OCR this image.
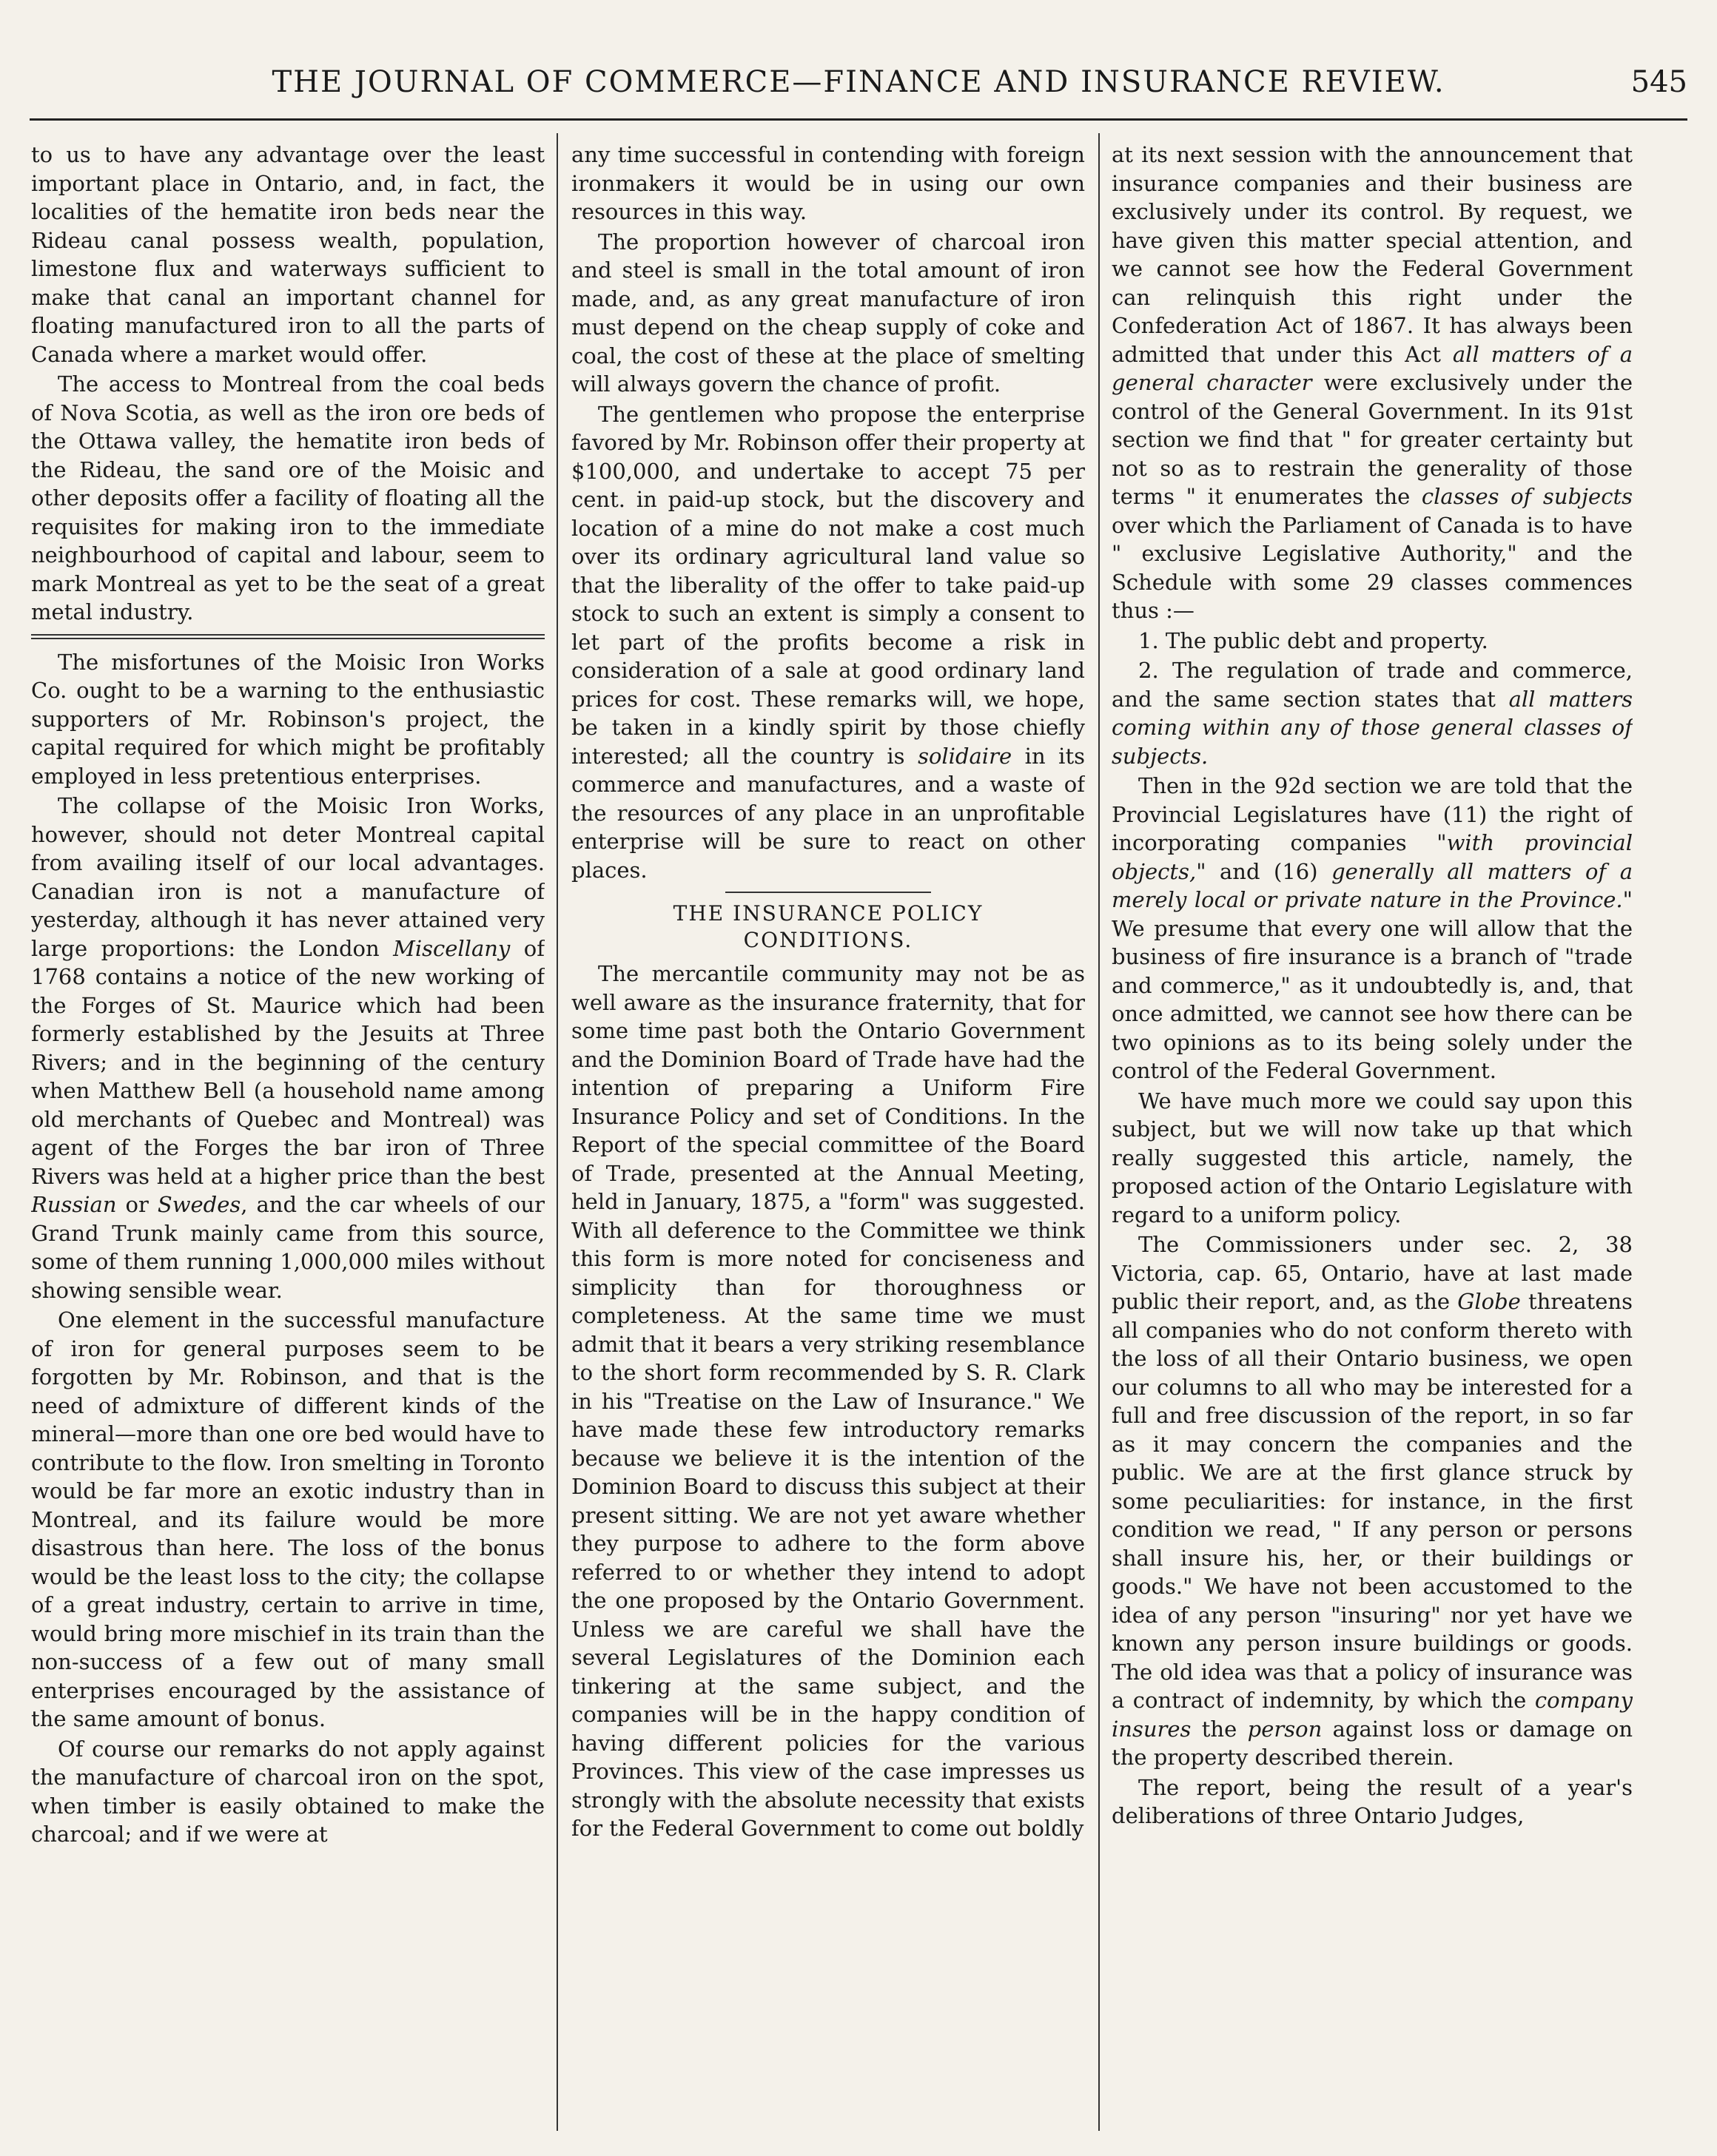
THE JOURNAL OF COMMERCE—FINANCE AND INSURANCE REVIEW.	545

to us to have any advantage over the least important place in Ontario, and, in fact, the localities of the hematite iron beds near the Rideau canal possess wealth, population, limestone flux and waterways sufficient to make that canal an important channel for floating manufactured iron to all the parts of Canada where a market would offer.

The access to Montreal from the coal beds of Nova Scotia, as well as the iron ore beds of the Ottawa valley, the hematite iron beds of the Rideau, the sand ore of the Moisic and other deposits offer a facility of floating all the requisites for making iron to the immediate neighbourhood of capital and labour, seem to mark Montreal as yet to be the seat of a great metal industry.

The misfortunes of the Moisic Iron Works Co. ought to be a warning to the enthusiastic supporters of Mr. Robinson's project, the capital required for which might be profitably employed in less pretentious enterprises.

The collapse of the Moisic Iron Works, however, should not deter Montreal capital from availing itself of our local advantages. Canadian iron is not a manufacture of yesterday, although it has never attained very large proportions: the London Miscellany of 1768 contains a notice of the new working of the Forges of St. Maurice which had been formerly established by the Jesuits at Three Rivers; and in the beginning of the century when Matthew Bell (a household name among old merchants of Quebec and Montreal) was agent of the Forges the bar iron of Three Rivers was held at a higher price than the best Russian or Swedes, and the car wheels of our Grand Trunk mainly came from this source, some of them running 1,000,000 miles without showing sensible wear.

One element in the successful manufacture of iron for general purposes seem to be forgotten by Mr. Robinson, and that is the need of admixture of different kinds of the mineral—more than one ore bed would have to contribute to the flow. Iron smelting in Toronto would be far more an exotic industry than in Montreal, and its failure would be more disastrous than here. The loss of the bonus would be the least loss to the city; the collapse of a great industry, certain to arrive in time, would bring more mischief in its train than the non-success of a few out of many small enterprises encouraged by the assistance of the same amount of bonus.

Of course our remarks do not apply against the manufacture of charcoal iron on the spot, when timber is easily obtained to make the charcoal; and if we were at

any time successful in contending with foreign ironmakers it would be in using our own resources in this way.

The proportion however of charcoal iron and steel is small in the total amount of iron made, and, as any great manufacture of iron must depend on the cheap supply of coke and coal, the cost of these at the place of smelting will always govern the chance of profit.

The gentlemen who propose the enterprise favored by Mr. Robinson offer their property at $100,000, and undertake to accept 75 per cent. in paid-up stock, but the discovery and location of a mine do not make a cost much over its ordinary agricultural land value so that the liberality of the offer to take paid-up stock to such an extent is simply a consent to let part of the profits become a risk in consideration of a sale at good ordinary land prices for cost. These remarks will, we hope, be taken in a kindly spirit by those chiefly interested; all the country is solidaire in its commerce and manufactures, and a waste of the resources of any place in an unprofitable enterprise will be sure to react on other places.

THE INSURANCE POLICY
CONDITIONS.

The mercantile community may not be as well aware as the insurance fraternity, that for some time past both the Ontario Government and the Dominion Board of Trade have had the intention of preparing a Uniform Fire Insurance Policy and set of Conditions. In the Report of the special committee of the Board of Trade, presented at the Annual Meeting, held in January, 1875, a "form" was suggested. With all deference to the Committee we think this form is more noted for conciseness and simplicity than for thoroughness or completeness. At the same time we must admit that it bears a very striking resemblance to the short form recommended by S. R. Clark in his "Treatise on the Law of Insurance." We have made these few introductory remarks because we believe it is the intention of the Dominion Board to discuss this subject at their present sitting. We are not yet aware whether they purpose to adhere to the form above referred to or whether they intend to adopt the one proposed by the Ontario Government. Unless we are careful we shall have the several Legislatures of the Dominion each tinkering at the same subject, and the companies will be in the happy condition of having different policies for the various Provinces. This view of the case impresses us strongly with the absolute necessity that exists for the Federal Government to come out boldly

at its next session with the announcement that insurance companies and their business are exclusively under its control. By request, we have given this matter special attention, and we cannot see how the Federal Government can relinquish this right under the Confederation Act of 1867. It has always been admitted that under this Act all matters of a general character were exclusively under the control of the General Government. In its 91st section we find that " for greater certainty but not so as to restrain the generality of those terms " it enumerates the classes of subjects over which the Parliament of Canada is to have " exclusive Legislative Authority," and the Schedule with some 29 classes commences thus :—

1. The public debt and property.

2. The regulation of trade and commerce, and the same section states that all matters coming within any of those general classes of subjects.

Then in the 92d section we are told that the Provincial Legislatures have (11) the right of incorporating companies "with provincial objects," and (16) generally all matters of a merely local or private nature in the Province." We presume that every one will allow that the business of fire insurance is a branch of "trade and commerce," as it undoubtedly is, and, that once admitted, we cannot see how there can be two opinions as to its being solely under the control of the Federal Government.

We have much more we could say upon this subject, but we will now take up that which really suggested this article, namely, the proposed action of the Ontario Legislature with regard to a uniform policy.

The Commissioners under sec. 2, 38 Victoria, cap. 65, Ontario, have at last made public their report, and, as the Globe threatens all companies who do not conform thereto with the loss of all their Ontario business, we open our columns to all who may be interested for a full and free discussion of the report, in so far as it may concern the companies and the public. We are at the first glance struck by some peculiarities: for instance, in the first condition we read, " If any person or persons shall insure his, her, or their buildings or goods." We have not been accustomed to the idea of any person "insuring" nor yet have we known any person insure buildings or goods. The old idea was that a policy of insurance was a contract of indemnity, by which the company insures the person against loss or damage on the property described therein.

The report, being the result of a year's deliberations of three Ontario Judges,
